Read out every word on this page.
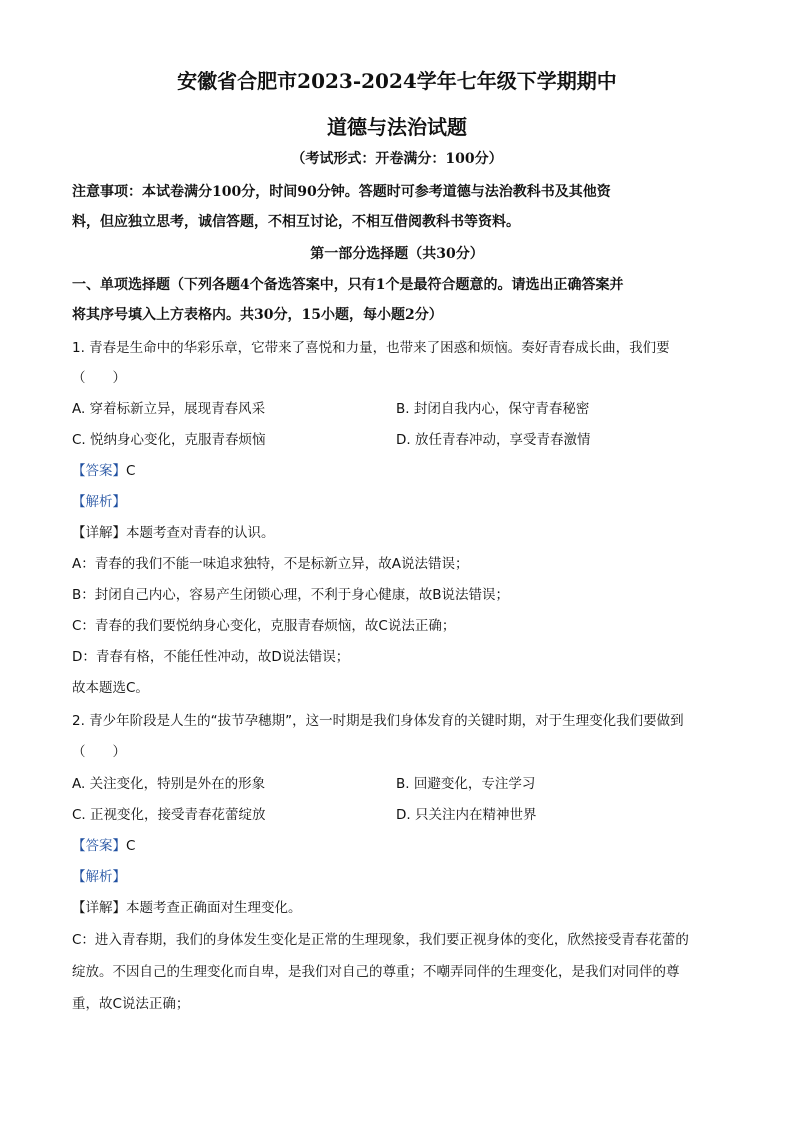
安徽省合肥市2023-2024学年七年级下学期期中
道德与法治试题
（考试形式：开卷满分：100分）
注意事项：本试卷满分100分，时间90分钟。答题时可参考道德与法治教科书及其他资
料，但应独立思考，诚信答题，不相互讨论，不相互借阅教科书等资料。
第一部分选择题（共30分）
一、单项选择题（下列各题4个备选答案中，只有1个是最符合题意的。请选出正确答案并
将其序号填入上方表格内。共30分，15小题，每小题2分）
1. 青春是生命中的华彩乐章，它带来了喜悦和力量，也带来了困惑和烦恼。奏好青春成长曲，我们要
（　　）
A. 穿着标新立异，展现青春风采	B. 封闭自我内心，保守青春秘密
C. 悦纳身心变化，克服青春烦恼	D. 放任青春冲动，享受青春激情
【答案】C
【解析】
【详解】本题考查对青春的认识。
A：青春的我们不能一味追求独特，不是标新立异，故A说法错误；
B：封闭自己内心，容易产生闭锁心理，不利于身心健康，故B说法错误；
C：青春的我们要悦纳身心变化，克服青春烦恼，故C说法正确；
D：青春有格，不能任性冲动，故D说法错误；
故本题选C。
2. 青少年阶段是人生的“拔节孕穗期”，这一时期是我们身体发育的关键时期，对于生理变化我们要做到
（　　）
A. 关注变化，特别是外在的形象	B. 回避变化，专注学习
C. 正视变化，接受青春花蕾绽放	D. 只关注内在精神世界
【答案】C
【解析】
【详解】本题考查正确面对生理变化。
C：进入青春期，我们的身体发生变化是正常的生理现象，我们要正视身体的变化，欣然接受青春花蕾的
绽放。不因自己的生理变化而自卑，是我们对自己的尊重；不嘲弄同伴的生理变化，是我们对同伴的尊
重，故C说法正确；
